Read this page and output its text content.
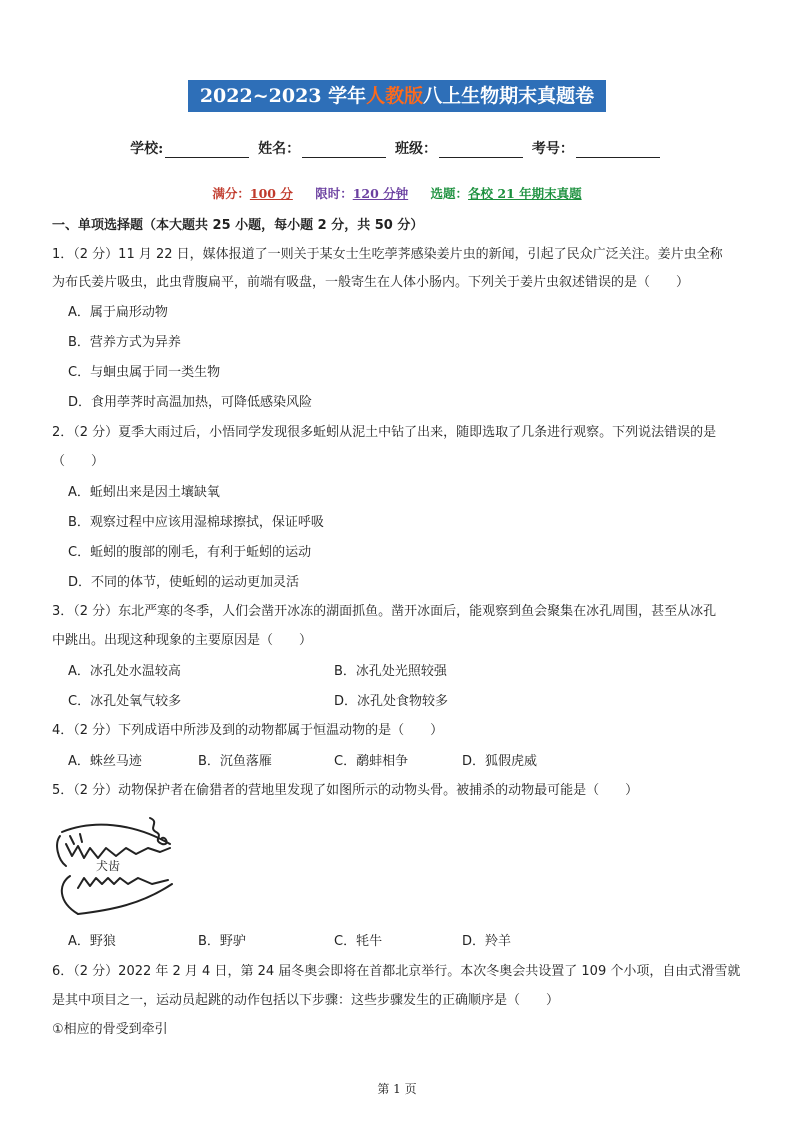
2022~2023 学年人教版八上生物期末真题卷
学校:	姓名：	班级：	考号：
满分：100 分 限时：120 分钟 选题：各校 21 年期末真题
一、单项选择题（本大题共 25 小题，每小题 2 分，共 50 分）
1．（2 分）11 月 22 日，媒体报道了一则关于某女士生吃荸荠感染姜片虫的新闻，引起了民众广泛关注。姜片虫全称
为布氏姜片吸虫，此虫背腹扁平，前端有吸盘，一般寄生在人体小肠内。下列关于姜片虫叙述错误的是（　　）
A．属于扁形动物
B．营养方式为异养
C．与蛔虫属于同一类生物
D．食用荸荠时高温加热，可降低感染风险
2．（2 分）夏季大雨过后，小悟同学发现很多蚯蚓从泥土中钻了出来，随即选取了几条进行观察。下列说法错误的是
（　　）
A．蚯蚓出来是因土壤缺氧
B．观察过程中应该用湿棉球擦拭，保证呼吸
C．蚯蚓的腹部的刚毛，有利于蚯蚓的运动
D．不同的体节，使蚯蚓的运动更加灵活
3．（2 分）东北严寒的冬季，人们会凿开冰冻的湖面抓鱼。凿开冰面后，能观察到鱼会聚集在冰孔周围，甚至从冰孔
中跳出。出现这种现象的主要原因是（　　）
A．冰孔处水温较高	B．冰孔处光照较强
C．冰孔处氧气较多	D．冰孔处食物较多
4．（2 分）下列成语中所涉及到的动物都属于恒温动物的是（　　）
A．蛛丝马迹	B．沉鱼落雁	C．鹬蚌相争	D．狐假虎威
5．（2 分）动物保护者在偷猎者的营地里发现了如图所示的动物头骨。被捕杀的动物最可能是（　　）
犬齿
A．野狼	B．野驴	C．牦牛	D．羚羊
6．（2 分）2022 年 2 月 4 日，第 24 届冬奥会即将在首都北京举行。本次冬奥会共设置了 109 个小项，自由式滑雪就
是其中项目之一，运动员起跳的动作包括以下步骤：这些步骤发生的正确顺序是（　　）
①相应的骨受到牵引
第 1 页
